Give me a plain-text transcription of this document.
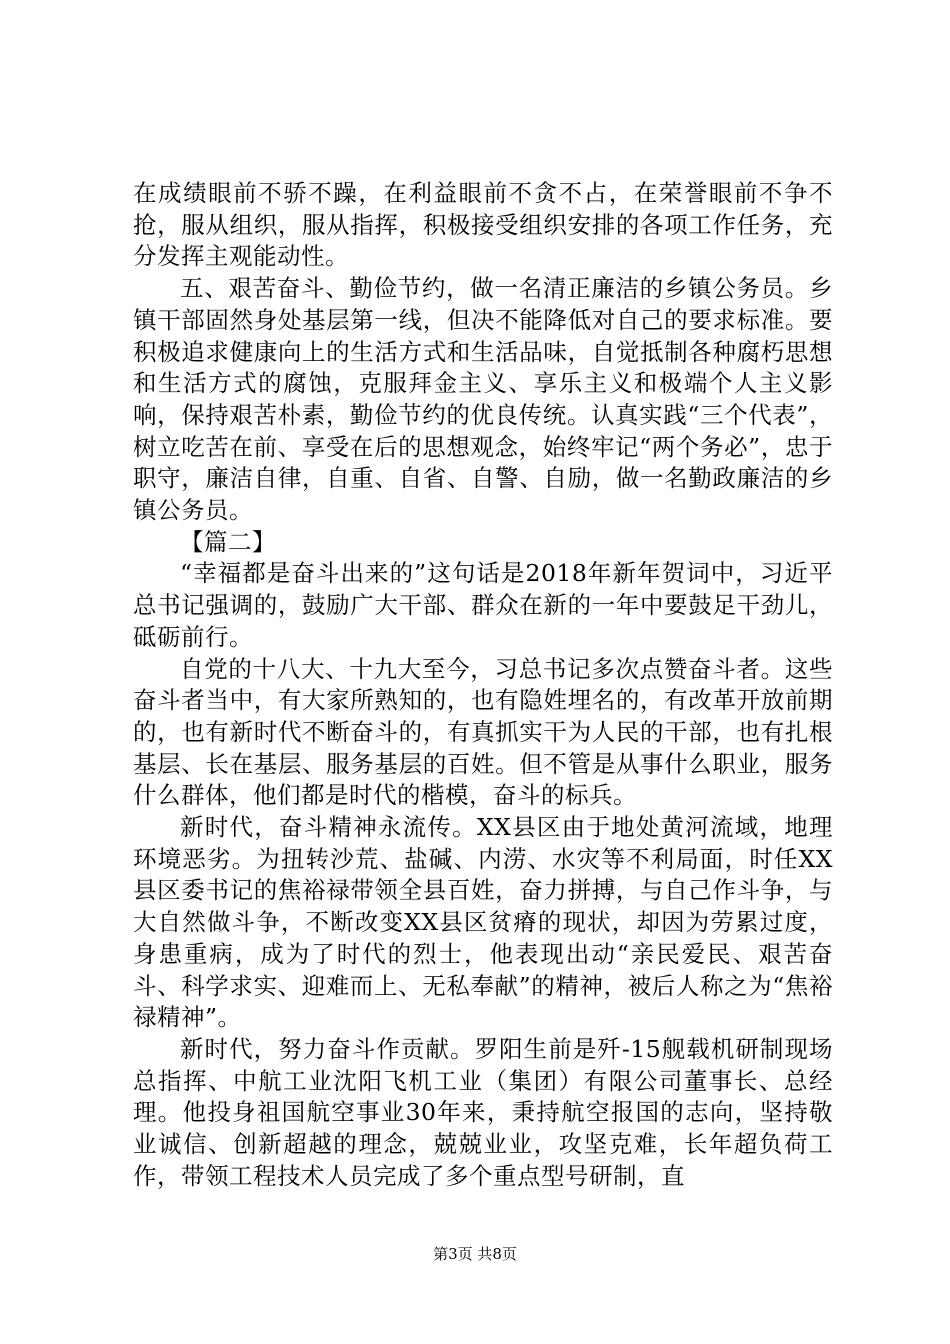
在成绩眼前不骄不躁，在利益眼前不贪不占，在荣誉眼前不争不抢，服从组织，服从指挥，积极接受组织安排的各项工作任务，充分发挥主观能动性。

五、艰苦奋斗、勤俭节约，做一名清正廉洁的乡镇公务员。乡镇干部固然身处基层第一线，但决不能降低对自己的要求标准。要积极追求健康向上的生活方式和生活品味，自觉抵制各种腐朽思想和生活方式的腐蚀，克服拜金主义、享乐主义和极端个人主义影响，保持艰苦朴素，勤俭节约的优良传统。认真实践“三个代表”，树立吃苦在前、享受在后的思想观念，始终牢记“两个务必”，忠于职守，廉洁自律，自重、自省、自警、自励，做一名勤政廉洁的乡镇公务员。

【篇二】

“幸福都是奋斗出来的”这句话是2018年新年贺词中，习近平总书记强调的，鼓励广大干部、群众在新的一年中要鼓足干劲儿，砥砺前行。

自党的十八大、十九大至今，习总书记多次点赞奋斗者。这些奋斗者当中，有大家所熟知的，也有隐姓埋名的，有改革开放前期的，也有新时代不断奋斗的，有真抓实干为人民的干部，也有扎根基层、长在基层、服务基层的百姓。但不管是从事什么职业，服务什么群体，他们都是时代的楷模，奋斗的标兵。

新时代，奋斗精神永流传。XX县区由于地处黄河流域，地理环境恶劣。为扭转沙荒、盐碱、内涝、水灾等不利局面，时任XX县区委书记的焦裕禄带领全县百姓，奋力拼搏，与自己作斗争，与大自然做斗争，不断改变XX县区贫瘠的现状，却因为劳累过度，身患重病，成为了时代的烈士，他表现出动“亲民爱民、艰苦奋斗、科学求实、迎难而上、无私奉献”的精神，被后人称之为“焦裕禄精神”。

新时代，努力奋斗作贡献。罗阳生前是歼-15舰载机研制现场总指挥、中航工业沈阳飞机工业（集团）有限公司董事长、总经理。他投身祖国航空事业30年来，秉持航空报国的志向，坚持敬业诚信、创新超越的理念，兢兢业业，攻坚克难，长年超负荷工作，带领工程技术人员完成了多个重点型号研制，直

第3页 共8页
